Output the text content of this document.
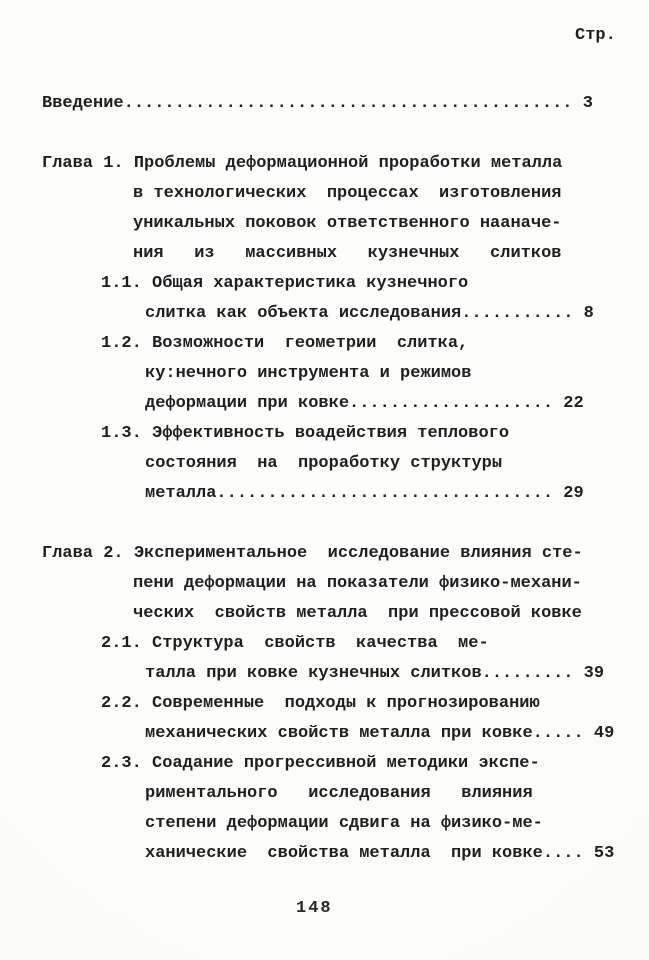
Стр.
Введение............................................ 3
Глава 1. Проблемы деформационной проработки металла
в технологических  процессах  изготовления
уникальных поковок ответственного нааначе-
ния   из   массивных   кузнечных   слитков
1.1. Общая характеристика кузнечного
слитка как объекта исследования........... 8
1.2. Возможности  геометрии  слитка,
ку:нечного инструмента и режимов
деформации при ковке.................... 22
1.3. Эффективность воадействия теплового
состояния  на  проработку структуры
металла................................. 29
Глава 2. Экспериментальное  исследование влияния сте-
пени деформации на показатели физико-механи-
ческих  свойств металла  при прессовой ковке
2.1. Структура  свойств  качества  ме-
талла при ковке кузнечных слитков......... 39
2.2. Современные  подходы к прогнозированию
механических свойств металла при ковке..... 49
2.3. Соадание прогрессивной методики экспе-
риментального   исследования   влияния
степени деформации сдвига на физико-ме-
ханические  свойства металла  при ковке.... 53
148
